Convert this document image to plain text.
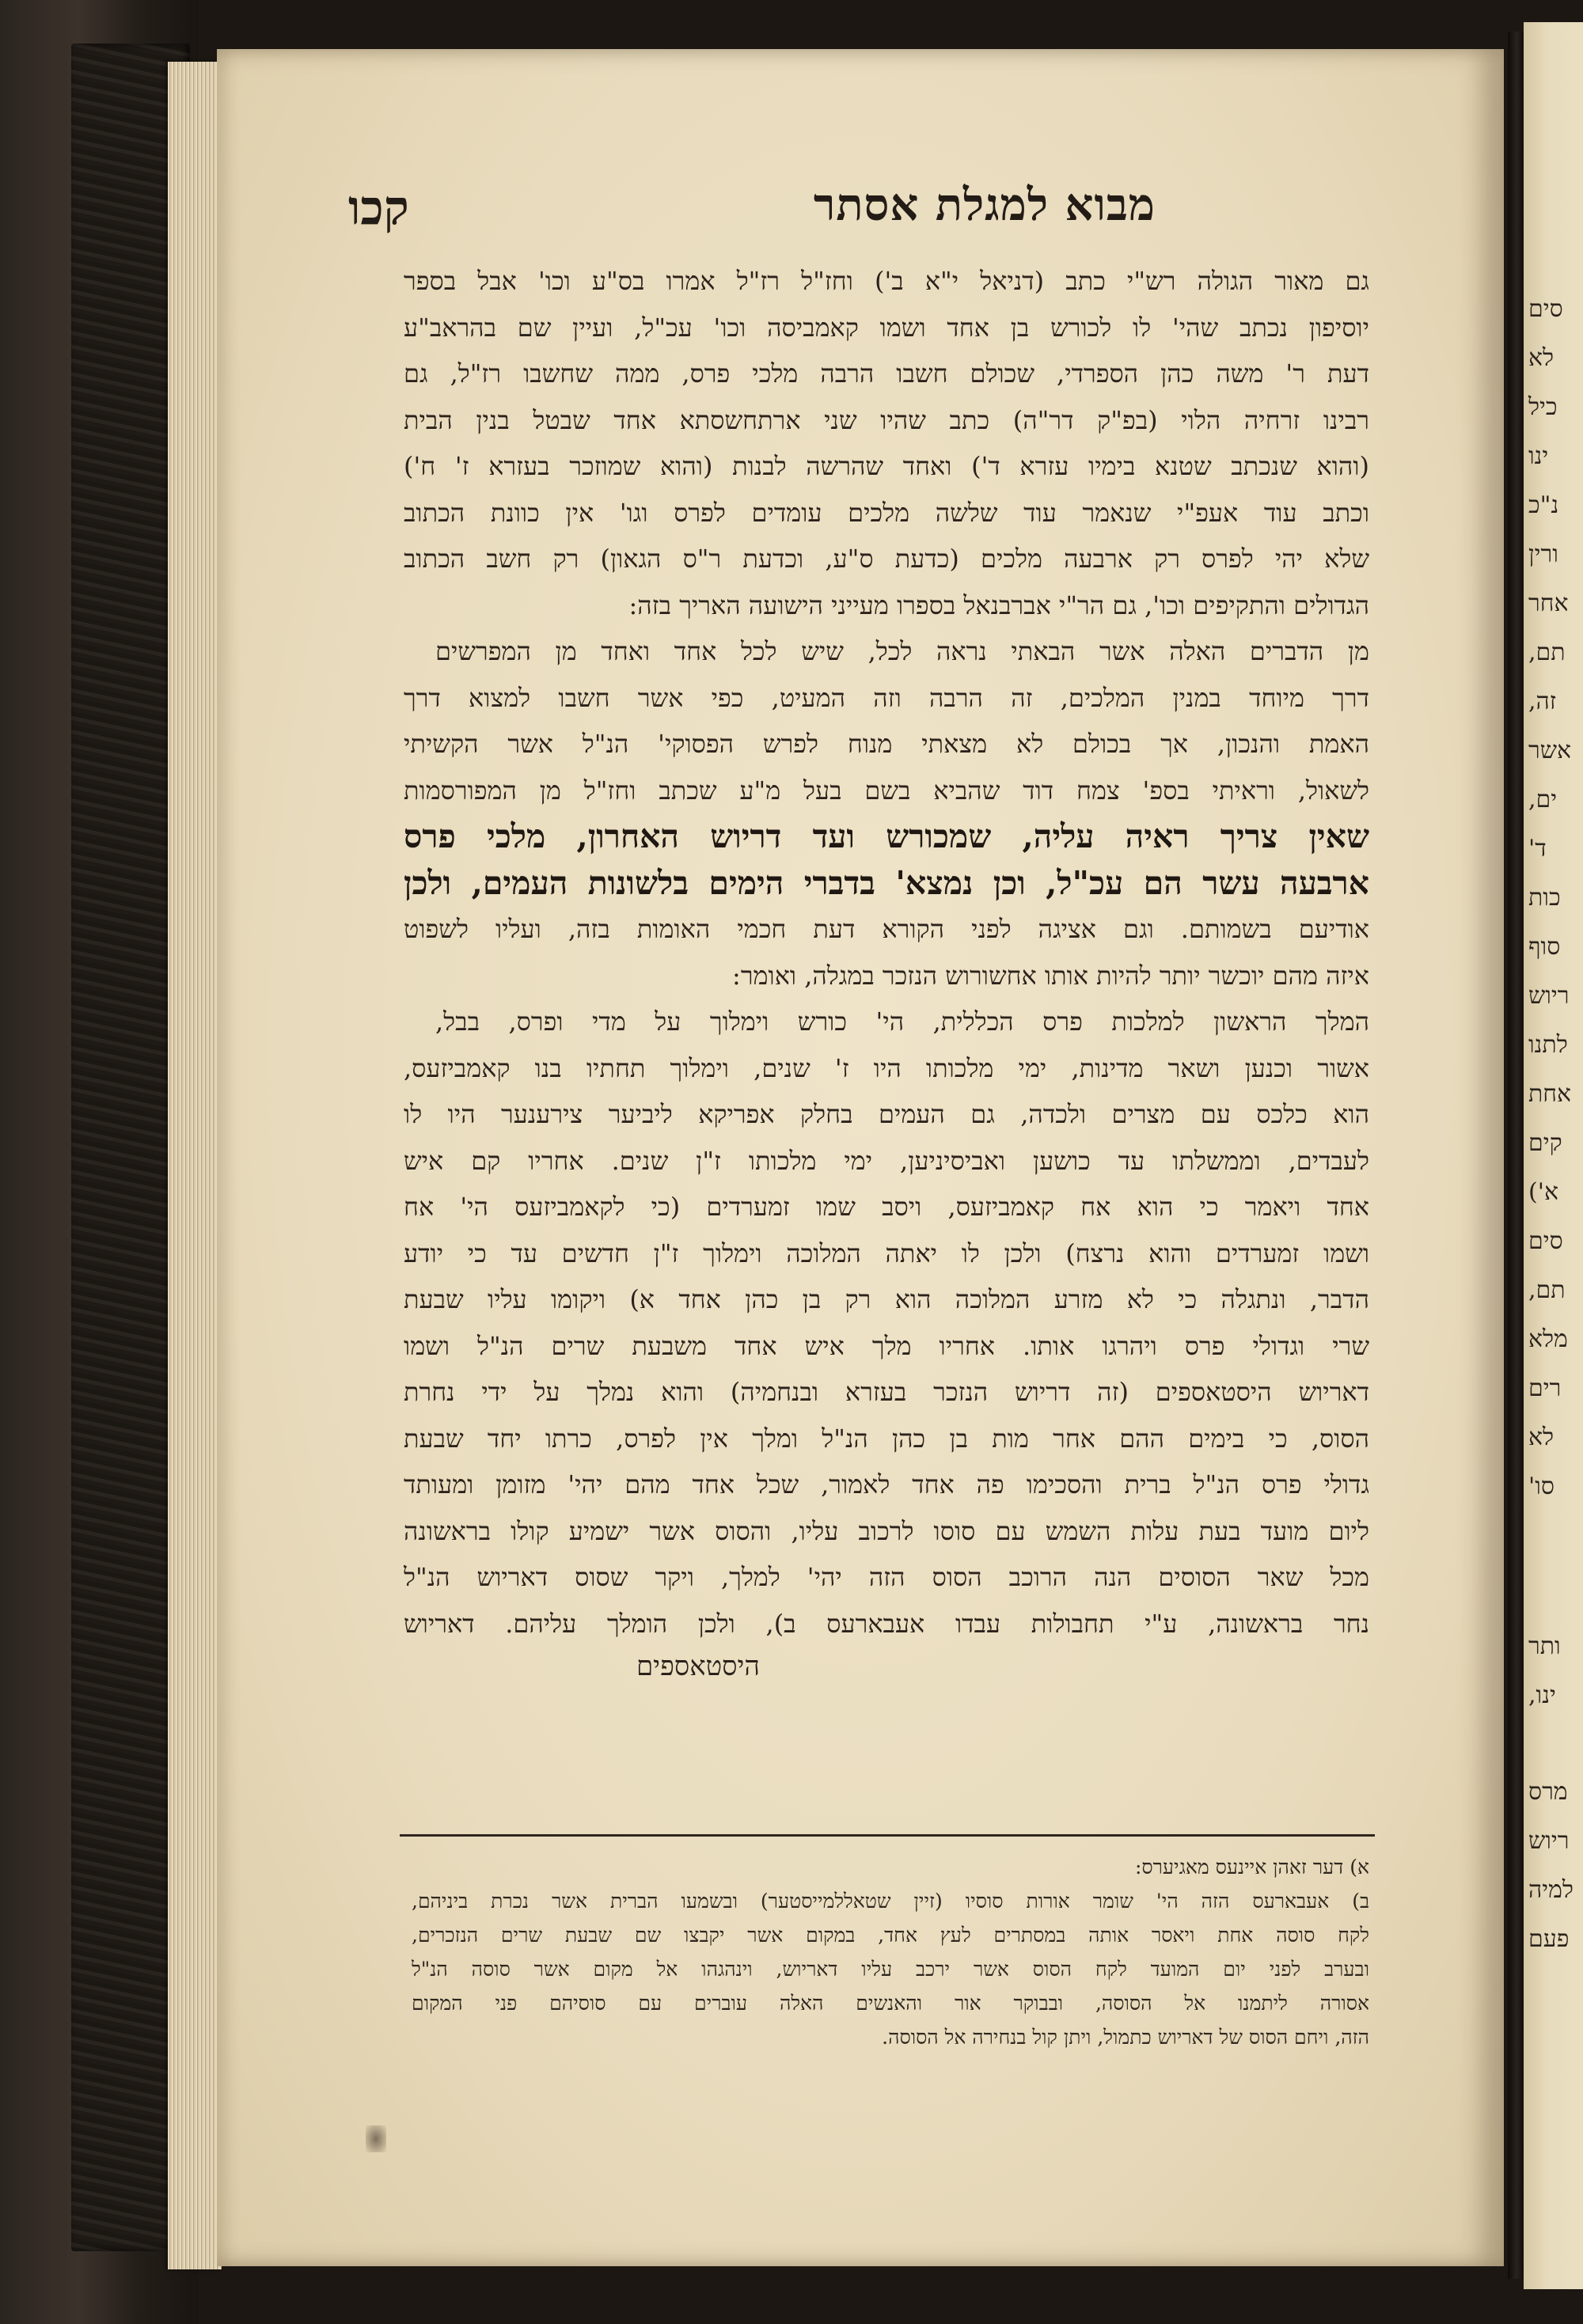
מבוא למגלת אסתר
קכו
גם מאור הגולה רש"י כתב (דניאל י"א ב') וחז"ל רז"ל אמרו בס"ע וכו' אבל בספר
יוסיפון נכתב שהי' לו לכורש בן אחד ושמו קאמביסה וכו' עכ"ל, ועיין שם בהראב"ע
דעת ר' משה כהן הספרדי, שכולם חשבו הרבה מלכי פרס, ממה שחשבו רז"ל, גם
רבינו זרחיה הלוי (בפ"ק דר"ה) כתב שהיו שני ארתחשסתא אחד שבטל בנין הבית
(והוא שנכתב שטנא בימיו עזרא ד') ואחד שהרשה לבנות (והוא שמוזכר בעזרא ז' ח')
וכתב עוד אעפ"י שנאמר עוד שלשה מלכים עומדים לפרס וגו' אין כוונת הכתוב
שלא יהי לפרס רק ארבעה מלכים (כדעת ס"ע, וכדעת ר"ס הגאון) רק חשב הכתוב
הגדולים והתקיפים וכו', גם הר"י אברבנאל בספרו מעייני הישועה האריך בזה:
מן הדברים האלה אשר הבאתי נראה לכל, שיש לכל אחד ואחד מן המפרשים
דרך מיוחד במנין המלכים, זה הרבה וזה המעיט, כפי אשר חשבו למצוא דרך
האמת והנכון, אך בכולם לא מצאתי מנוח לפרש הפסוקי' הנ"ל אשר הקשיתי
לשאול, וראיתי בספ' צמח דוד שהביא בשם בעל מ"ע שכתב וחז"ל מן המפורסמות
שאין צריך ראיה עליה, שמכורש ועד דריוש האחרון, מלכי פרס
ארבעה עשר הם עכ"ל, וכן נמצא' בדברי הימים בלשונות העמים, ולכן
אודיעם בשמותם. וגם אציגה לפני הקורא דעת חכמי האומות בזה, ועליו לשפוט
איזה מהם יוכשר יותר להיות אותו אחשורוש הנזכר במגלה, ואומר:
המלך הראשון למלכות פרס הכללית, הי' כורש וימלוך על מדי ופרס, בבל,
אשור וכנען ושאר מדינות, ימי מלכותו היו ז' שנים, וימלוך תחתיו בנו קאמביזעס,
הוא כלכס עם מצרים ולכדה, גם העמים בחלק אפריקא ליביער צירענער היו לו
לעבדים, וממשלתו עד כושען ואביסיניען, ימי מלכותו ז"ן שנים. אחריו קם איש
אחד ויאמר כי הוא אח קאמביזעס, ויסב שמו זמערדים (כי לקאמביזעס הי' אח
ושמו זמערדים והוא נרצח) ולכן לו יאתה המלוכה וימלוך ז"ן חדשים עד כי יודע
הדבר, ונתגלה כי לא מזרע המלוכה הוא רק בן כהן אחד א) ויקומו עליו שבעת
שרי וגדולי פרס ויהרגו אותו. אחריו מלך איש אחד משבעת שרים הנ"ל ושמו
דאריוש היסטאספים (זה דריוש הנזכר בעזרא ובנחמיה) והוא נמלך על ידי נחרת
הסוס, כי בימים ההם אחר מות בן כהן הנ"ל ומלך אין לפרס, כרתו יחד שבעת
גדולי פרס הנ"ל ברית והסכימו פה אחד לאמור, שכל אחד מהם יהי' מזומן ומעותד
ליום מועד בעת עלות השמש עם סוסו לרכוב עליו, והסוס אשר ישמיע קולו בראשונה
מכל שאר הסוסים הנה הרוכב הסוס הזה יהי' למלך, ויקר שסוס דאריוש הנ"ל
נחר בראשונה, ע"י תחבולות עבדו אעבארעס ב), ולכן הומלך עליהם. דאריוש
היסטאספים
א) דער זאהן איינעס מאגיערס:
ב) אעבארעס הזה הי' שומר אורות סוסיו (זיין שטאללמייסטער) ובשמעו הברית אשר נכרת ביניהם,
לקח סוסה אחת ויאסר אותה במסתרים לעץ אחד, במקום אשר יקבצו שם שבעת שרים הנזכרים,
ובערב לפני יום המועד לקח הסוס אשר ירכב עליו דאריוש, וינהגהו אל מקום אשר סוסה הנ"ל
אסורה ליתמנו אל הסוסה, ובבוקר אור והאנשים האלה עוברים עם סוסיהם פני המקום
הזה, ויחם הסוס של דאריוש כתמול, ויתן קול בנחירה אל הסוסה.
סים
לא
כיל
ינו
נ"כ
ורין
אחר
תם,
זה,
אשר
ים,
ד'
כות
סוף
ריוש
לתנו
אחת
קים
א')
סים
תם,
מלא
רים
לא
סו'
ותר
ינו,
מרס
ריוש
למיה
פעם
